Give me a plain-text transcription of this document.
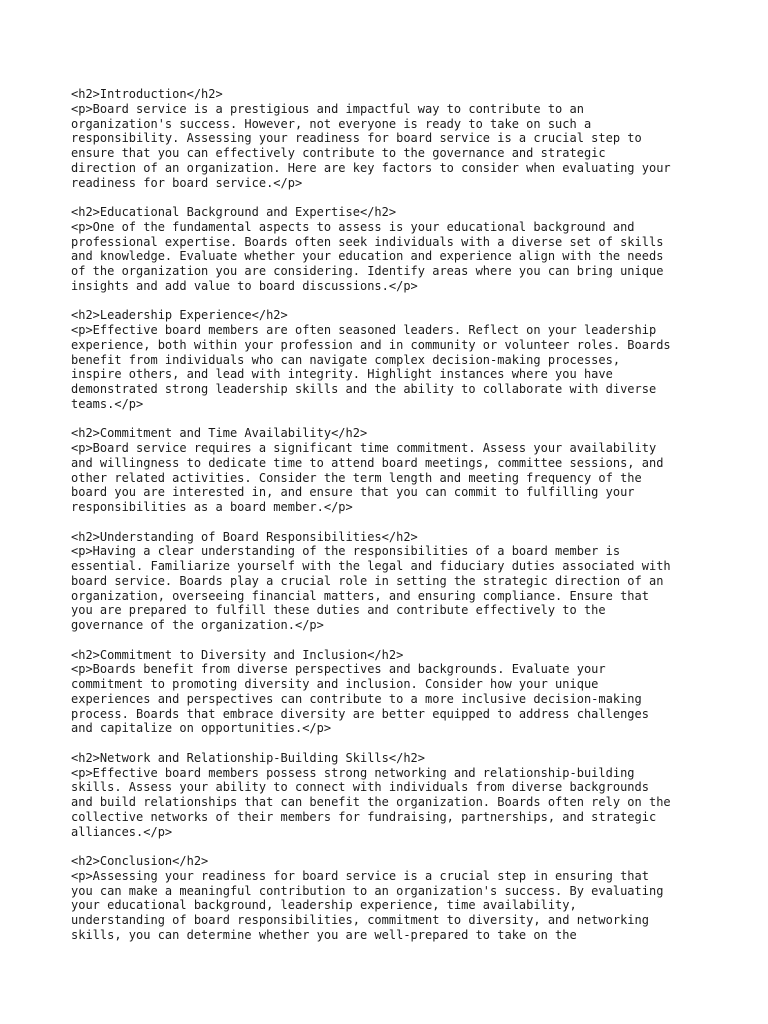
<h2>Introduction</h2>
<p>Board service is a prestigious and impactful way to contribute to an
organization's success. However, not everyone is ready to take on such a
responsibility. Assessing your readiness for board service is a crucial step to
ensure that you can effectively contribute to the governance and strategic
direction of an organization. Here are key factors to consider when evaluating your
readiness for board service.</p>
<h2>Educational Background and Expertise</h2>
<p>One of the fundamental aspects to assess is your educational background and
professional expertise. Boards often seek individuals with a diverse set of skills
and knowledge. Evaluate whether your education and experience align with the needs
of the organization you are considering. Identify areas where you can bring unique
insights and add value to board discussions.</p>
<h2>Leadership Experience</h2>
<p>Effective board members are often seasoned leaders. Reflect on your leadership
experience, both within your profession and in community or volunteer roles. Boards
benefit from individuals who can navigate complex decision-making processes,
inspire others, and lead with integrity. Highlight instances where you have
demonstrated strong leadership skills and the ability to collaborate with diverse
teams.</p>
<h2>Commitment and Time Availability</h2>
<p>Board service requires a significant time commitment. Assess your availability
and willingness to dedicate time to attend board meetings, committee sessions, and
other related activities. Consider the term length and meeting frequency of the
board you are interested in, and ensure that you can commit to fulfilling your
responsibilities as a board member.</p>
<h2>Understanding of Board Responsibilities</h2>
<p>Having a clear understanding of the responsibilities of a board member is
essential. Familiarize yourself with the legal and fiduciary duties associated with
board service. Boards play a crucial role in setting the strategic direction of an
organization, overseeing financial matters, and ensuring compliance. Ensure that
you are prepared to fulfill these duties and contribute effectively to the
governance of the organization.</p>
<h2>Commitment to Diversity and Inclusion</h2>
<p>Boards benefit from diverse perspectives and backgrounds. Evaluate your
commitment to promoting diversity and inclusion. Consider how your unique
experiences and perspectives can contribute to a more inclusive decision-making
process. Boards that embrace diversity are better equipped to address challenges
and capitalize on opportunities.</p>
<h2>Network and Relationship-Building Skills</h2>
<p>Effective board members possess strong networking and relationship-building
skills. Assess your ability to connect with individuals from diverse backgrounds
and build relationships that can benefit the organization. Boards often rely on the
collective networks of their members for fundraising, partnerships, and strategic
alliances.</p>
<h2>Conclusion</h2>
<p>Assessing your readiness for board service is a crucial step in ensuring that
you can make a meaningful contribution to an organization's success. By evaluating
your educational background, leadership experience, time availability,
understanding of board responsibilities, commitment to diversity, and networking
skills, you can determine whether you are well-prepared to take on the
